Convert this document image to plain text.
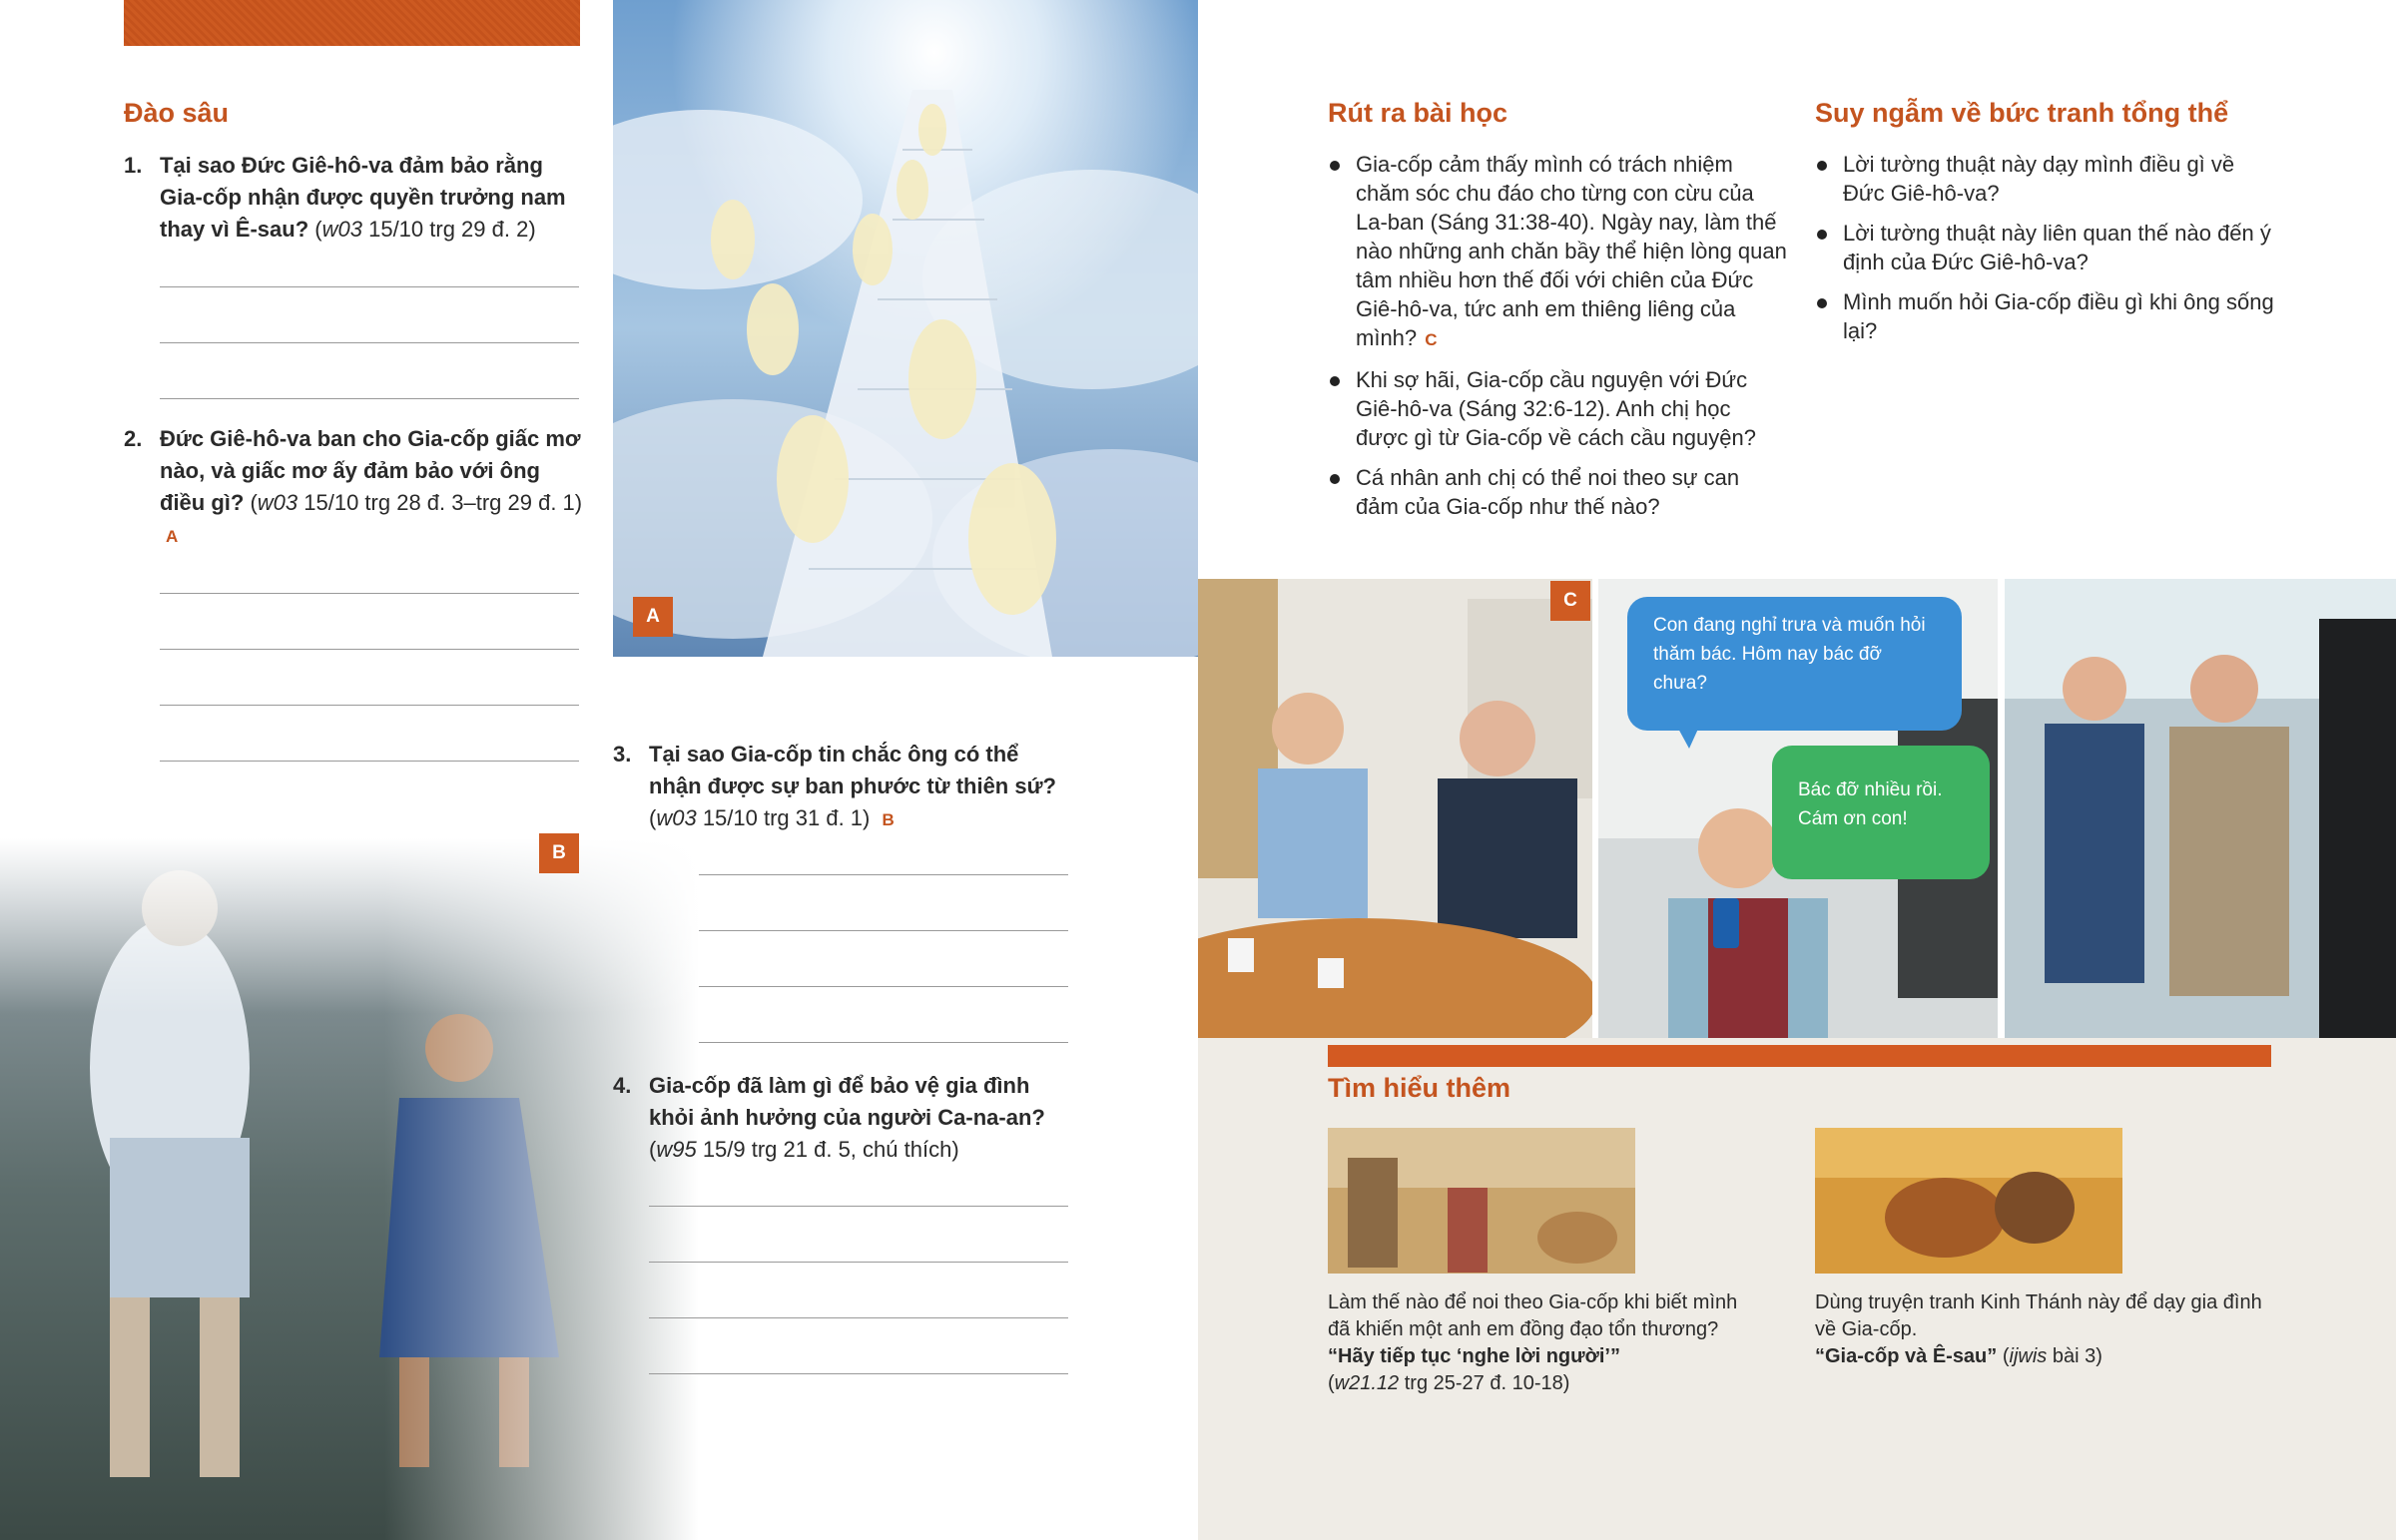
Đào sâu
1. Tại sao Đức Giê-hô-va đảm bảo rằng Gia-cốp nhận được quyền trưởng nam thay vì Ê-sau? (w03 15/10 trg 29 đ. 2)
2. Đức Giê-hô-va ban cho Gia-cốp giấc mơ nào, và giấc mơ ấy đảm bảo với ông điều gì? (w03 15/10 trg 28 đ. 3–trg 29 đ. 1) A
A
3. Tại sao Gia-cốp tin chắc ông có thể nhận được sự ban phước từ thiên sứ? (w03 15/10 trg 31 đ. 1) B
B
4. Gia-cốp đã làm gì để bảo vệ gia đình khỏi ảnh hưởng của người Ca-na-an? (w95 15/9 trg 21 đ. 5, chú thích)
Rút ra bài học
Gia-cốp cảm thấy mình có trách nhiệm chăm sóc chu đáo cho từng con cừu của La-ban (Sáng 31:38-40). Ngày nay, làm thế nào những anh chăn bầy thể hiện lòng quan tâm nhiều hơn thế đối với chiên của Đức Giê-hô-va, tức anh em thiêng liêng của mình? C
Khi sợ hãi, Gia-cốp cầu nguyện với Đức Giê-hô-va (Sáng 32:6-12). Anh chị học được gì từ Gia-cốp về cách cầu nguyện?
Cá nhân anh chị có thể noi theo sự can đảm của Gia-cốp như thế nào?
Suy ngẫm về bức tranh tổng thể
Lời tường thuật này dạy mình điều gì về Đức Giê-hô-va?
Lời tường thuật này liên quan thế nào đến ý định của Đức Giê-hô-va?
Mình muốn hỏi Gia-cốp điều gì khi ông sống lại?
C
Con đang nghỉ trưa và muốn hỏi thăm bác. Hôm nay bác đỡ chưa?
Bác đỡ nhiều rồi. Cám ơn con!
Tìm hiểu thêm
Làm thế nào để noi theo Gia-cốp khi biết mình đã khiến một anh em đồng đạo tổn thương?
“Hãy tiếp tục ‘nghe lời người’”
(w21.12 trg 25-27 đ. 10-18)
Dùng truyện tranh Kinh Thánh này để dạy gia đình về Gia-cốp.
“Gia-cốp và Ê-sau” (ijwis bài 3)
